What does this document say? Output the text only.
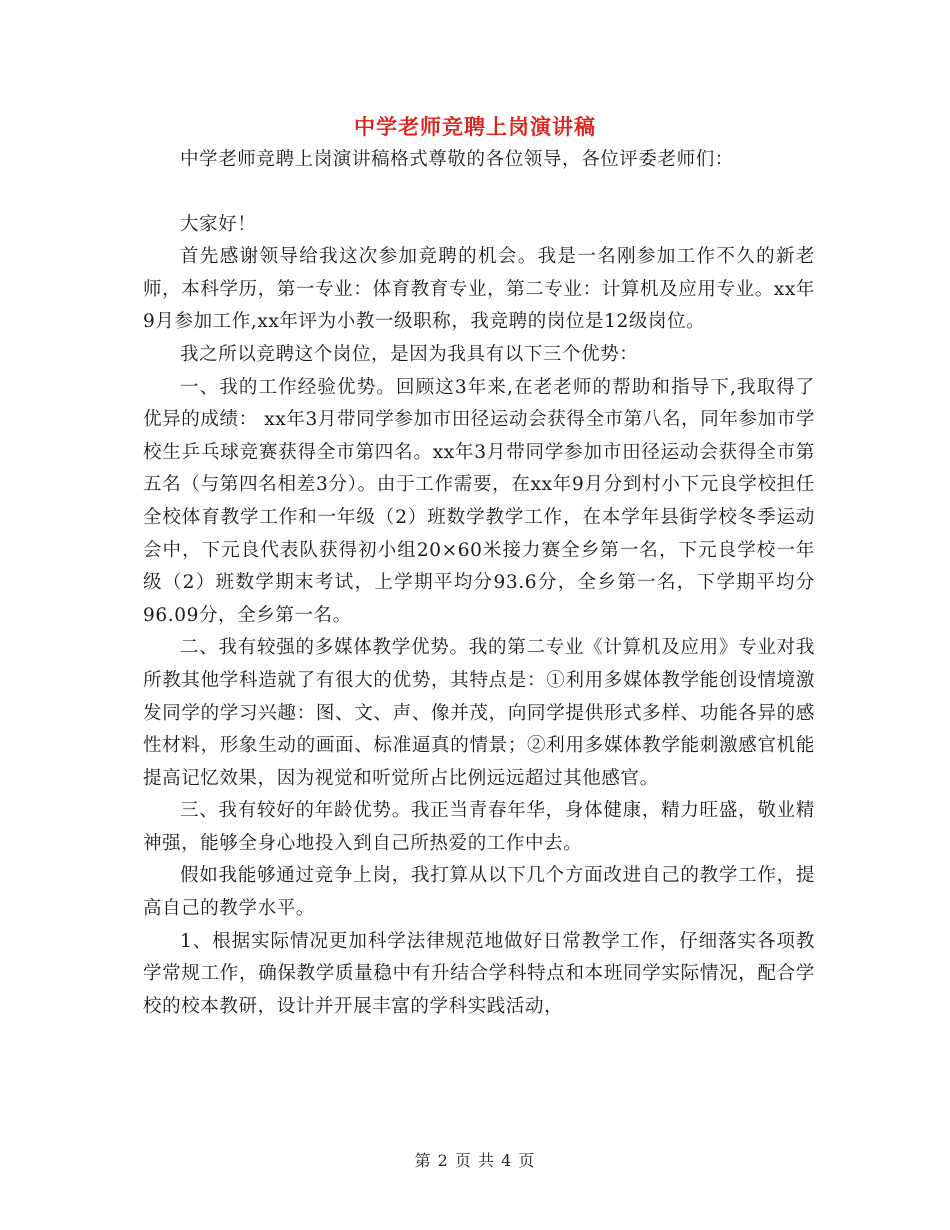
中学老师竞聘上岗演讲稿

中学老师竞聘上岗演讲稿格式尊敬的各位领导，各位评委老师们：

大家好！

首先感谢领导给我这次参加竞聘的机会。我是一名刚参加工作不久的新老师，本科学历，第一专业：体育教育专业，第二专业：计算机及应用专业。xx年9月参加工作,xx年评为小教一级职称，我竞聘的岗位是12级岗位。

我之所以竞聘这个岗位，是因为我具有以下三个优势：

一、我的工作经验优势。回顾这3年来,在老老师的帮助和指导下,我取得了优异的成绩： xx年3月带同学参加市田径运动会获得全市第八名，同年参加市学校生乒乓球竞赛获得全市第四名。xx年3月带同学参加市田径运动会获得全市第五名（与第四名相差3分）。由于工作需要，在xx年9月分到村小下元良学校担任全校体育教学工作和一年级（2）班数学教学工作，在本学年县街学校冬季运动会中，下元良代表队获得初小组20×60米接力赛全乡第一名，下元良学校一年级（2）班数学期末考试，上学期平均分93.6分，全乡第一名，下学期平均分96.09分，全乡第一名。

二、我有较强的多媒体教学优势。我的第二专业《计算机及应用》专业对我所教其他学科造就了有很大的优势，其特点是：①利用多媒体教学能创设情境激发同学的学习兴趣：图、文、声、像并茂，向同学提供形式多样、功能各异的感性材料，形象生动的画面、标准逼真的情景；②利用多媒体教学能刺激感官机能提高记忆效果，因为视觉和听觉所占比例远远超过其他感官。

三、我有较好的年龄优势。我正当青春年华，身体健康，精力旺盛，敬业精神强，能够全身心地投入到自己所热爱的工作中去。

假如我能够通过竞争上岗，我打算从以下几个方面改进自己的教学工作，提高自己的教学水平。

1、根据实际情况更加科学法律规范地做好日常教学工作，仔细落实各项教学常规工作，确保教学质量稳中有升结合学科特点和本班同学实际情况，配合学校的校本教研，设计并开展丰富的学科实践活动，

第 2 页 共 4 页
